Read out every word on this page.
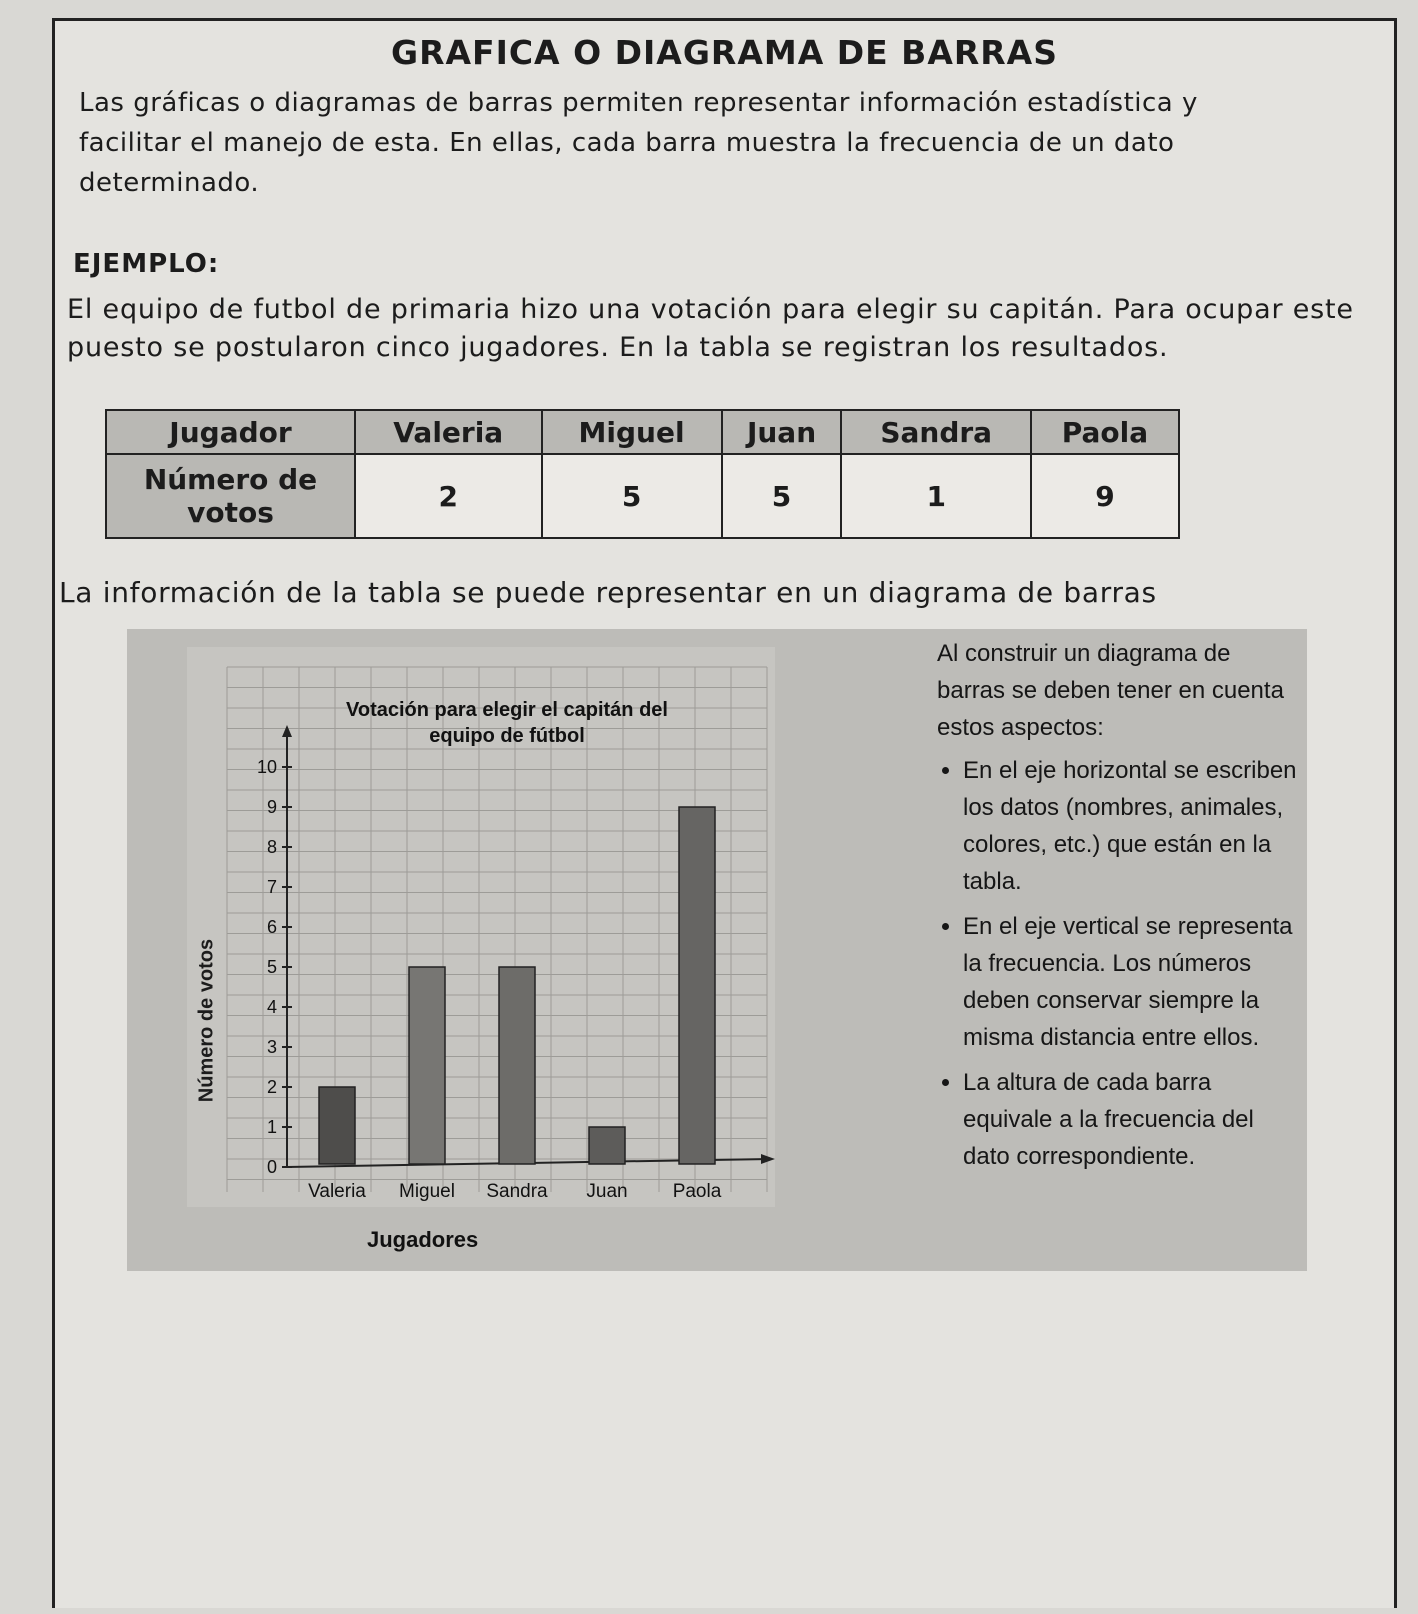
GRAFICA O DIAGRAMA DE BARRAS
Las gráficas o diagramas de barras permiten representar información estadística y facilitar el manejo de esta. En ellas, cada barra muestra la frecuencia de un dato determinado.
EJEMPLO:
El equipo de futbol de primaria hizo una votación para elegir su capitán. Para ocupar este puesto se postularon cinco jugadores. En la tabla se registran los resultados.
Jugador	Valeria	Miguel	Juan	Sandra	Paola
Número de votos	2	5	5	1	9
La información de la tabla se puede representar en un diagrama de barras
0
1
2
3
4
5
6
7
8
9
10
Valeria Miguel Sandra Juan Paola
Votación para elegir el capitán del equipo de fútbol
Número de votos
Jugadores
Al construir un diagrama de barras se deben tener en cuenta estos aspectos:
• En el eje horizontal se escriben los datos (nombres, animales, colores, etc.) que están en la tabla.
• En el eje vertical se representa la frecuencia. Los números deben conservar siempre la misma distancia entre ellos.
• La altura de cada barra equivale a la frecuencia del dato correspondiente.
